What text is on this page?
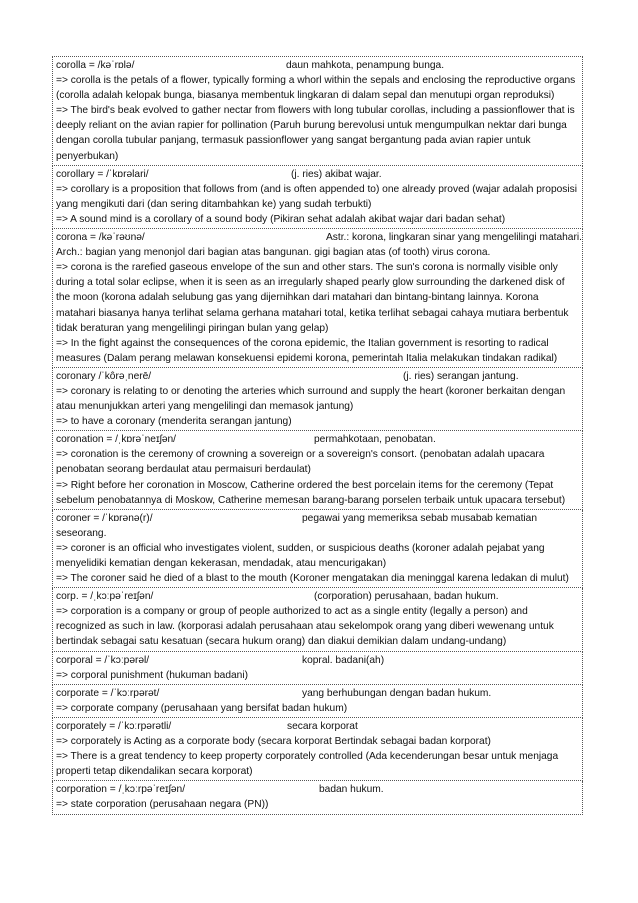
corolla = /kəˈrɒlə/	daun mahkota, penampung bunga.

=> corolla is the petals of a flower, typically forming a whorl within the sepals and enclosing the reproductive organs (corolla adalah kelopak bunga, biasanya membentuk lingkaran di dalam sepal dan menutupi organ reproduksi)
=> The bird's beak evolved to gather nectar from flowers with long tubular corollas, including a passionflower that is deeply reliant on the avian rapier for pollination (Paruh burung berevolusi untuk mengumpulkan nektar dari bunga dengan corolla tubular panjang, termasuk passionflower yang sangat bergantung pada avian rapier untuk penyerbukan)
corollary = /ˈkɒrəlari/	(j. ries) akibat wajar.

=> corollary is a proposition that follows from (and is often appended to) one already proved (wajar adalah proposisi yang mengikuti dari (dan sering ditambahkan ke) yang sudah terbukti)
=> A sound mind is a corollary of a sound body (Pikiran sehat adalah akibat wajar dari badan sehat)
corona = /kəˈrəʊnə/	Astr.: korona, lingkaran sinar yang mengelilingi matahari.

Arch.: bagian yang menonjol dari bagian atas bangunan. gigi bagian atas (of tooth) virus corona.
=> corona is the rarefied gaseous envelope of the sun and other stars. The sun's corona is normally visible only during a total solar eclipse, when it is seen as an irregularly shaped pearly glow surrounding the darkened disk of the moon (korona adalah selubung gas yang dijernihkan dari matahari dan bintang-bintang lainnya. Korona matahari biasanya hanya terlihat selama gerhana matahari total, ketika terlihat sebagai cahaya mutiara berbentuk tidak beraturan yang mengelilingi piringan bulan yang gelap)
=> In the fight against the consequences of the corona epidemic, the Italian government is resorting to radical measures (Dalam perang melawan konsekuensi epidemi korona, pemerintah Italia melakukan tindakan radikal)
coronary /ˈkôrəˌnerē/	(j. ries) serangan jantung.

=> coronary is relating to or denoting the arteries which surround and supply the heart (koroner berkaitan dengan atau menunjukkan arteri yang mengelilingi dan memasok jantung)
=> to have a coronary (menderita serangan jantung)
coronation = /ˌkɒrəˈneɪʃən/	permahkotaan, penobatan.

=> coronation is the ceremony of crowning a sovereign or a sovereign's consort. (penobatan adalah upacara penobatan seorang berdaulat atau permaisuri berdaulat)
=> Right before her coronation in Moscow, Catherine ordered the best porcelain items for the ceremony (Tepat sebelum penobatannya di Moskow, Catherine memesan barang-barang porselen terbaik untuk upacara tersebut)
coroner = /ˈkɒrənə(r)/	pegawai yang memeriksa sebab musabab kematian

seseorang.
=> coroner is an official who investigates violent, sudden, or suspicious deaths (koroner adalah pejabat yang menyelidiki kematian dengan kekerasan, mendadak, atau mencurigakan)
=> The coroner said he died of a blast to the mouth (Koroner mengatakan dia meninggal karena ledakan di mulut)
corp. = /ˌkɔːpəˈreɪʃən/	(corporation) perusahaan, badan hukum.

=> corporation is a company or group of people authorized to act as a single entity (legally a person) and recognized as such in law. (korporasi adalah perusahaan atau sekelompok orang yang diberi wewenang untuk bertindak sebagai satu kesatuan (secara hukum orang) dan diakui demikian dalam undang-undang)
corporal = /ˈkɔːpərəl/	kopral. badani(ah)

=> corporal punishment (hukuman badani)
corporate = /ˈkɔːrpərət/	yang berhubungan dengan badan hukum.

=> corporate company (perusahaan yang bersifat badan hukum)
corporately = /ˈkɔːrpərətli/	secara korporat

=> corporately is Acting as a corporate body (secara korporat Bertindak sebagai badan korporat)
=> There is a great tendency to keep property corporately controlled (Ada kecenderungan besar untuk menjaga properti tetap dikendalikan secara korporat)
corporation = /ˌkɔːrpəˈreɪʃən/	badan hukum.

=> state corporation (perusahaan negara (PN))
